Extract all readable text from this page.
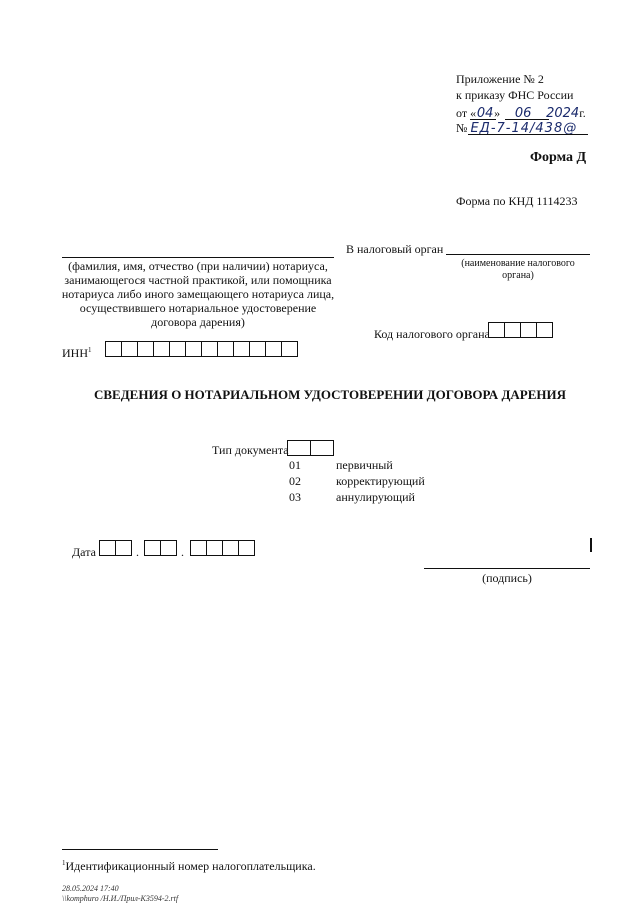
Приложение № 2
к приказу ФНС России
от «04» 06 2024г.
№ ЕД-7-14/438@
Форма Д
Форма по КНД 1114233
(фамилия, имя, отчество (при наличии) нотариуса, занимающегося частной практикой, или помощника нотариуса либо иного замещающего нотариуса лица, осуществившего нотариальное удостоверение договора дарения)
ИНН$^1$
В налоговый орган
(наименование налогового органа)
Код налогового органа
СВЕДЕНИЯ О НОТАРИАЛЬНОМ УДОСТОВЕРЕНИИ ДОГОВОРА ДАРЕНИЯ
Тип документа
01	первичный
02	корректирующий
03	аннулирующий
Дата	.	.
(подпись)
$^1$Идентификационный номер налогоплательщика.
28.05.2024 17:40
\\komphuro /Н.И./Прил-К3594-2.rtf
